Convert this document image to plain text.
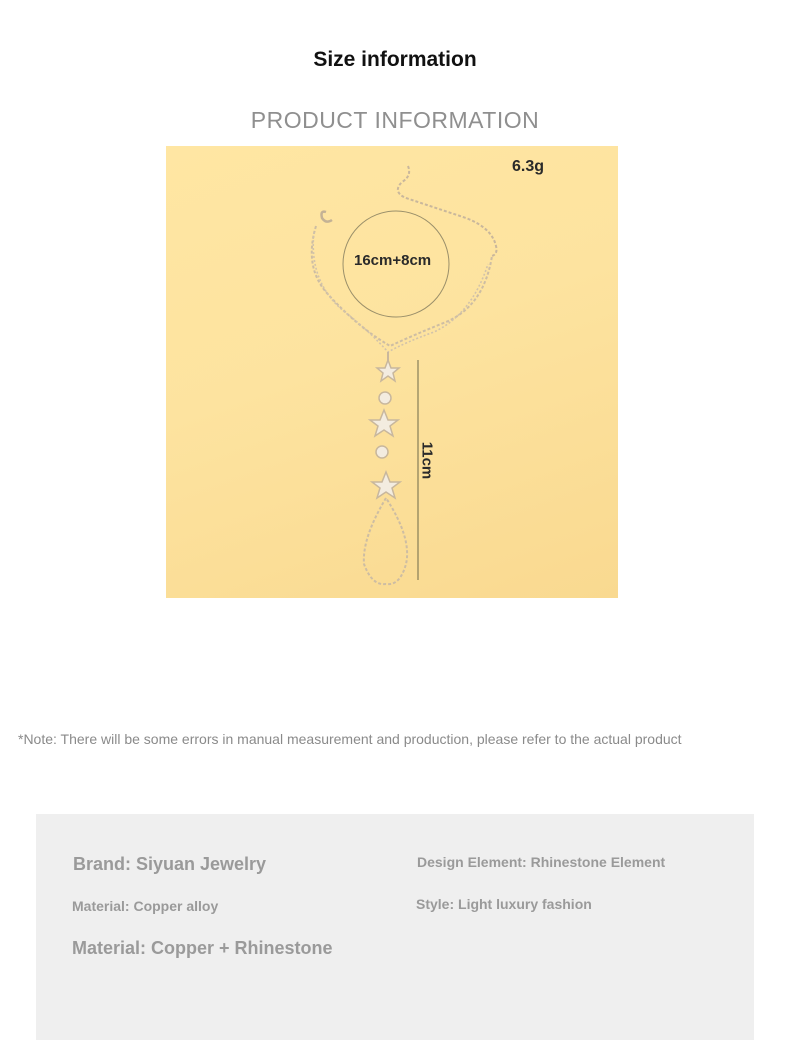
Size information
PRODUCT INFORMATION
6.3g
16cm+8cm
11cm
*Note: There will be some errors in manual measurement and production, please refer to the actual product
Brand: Siyuan Jewelry	Design Element: Rhinestone Element
Material: Copper alloy	Style: Light luxury fashion
Material: Copper + Rhinestone
